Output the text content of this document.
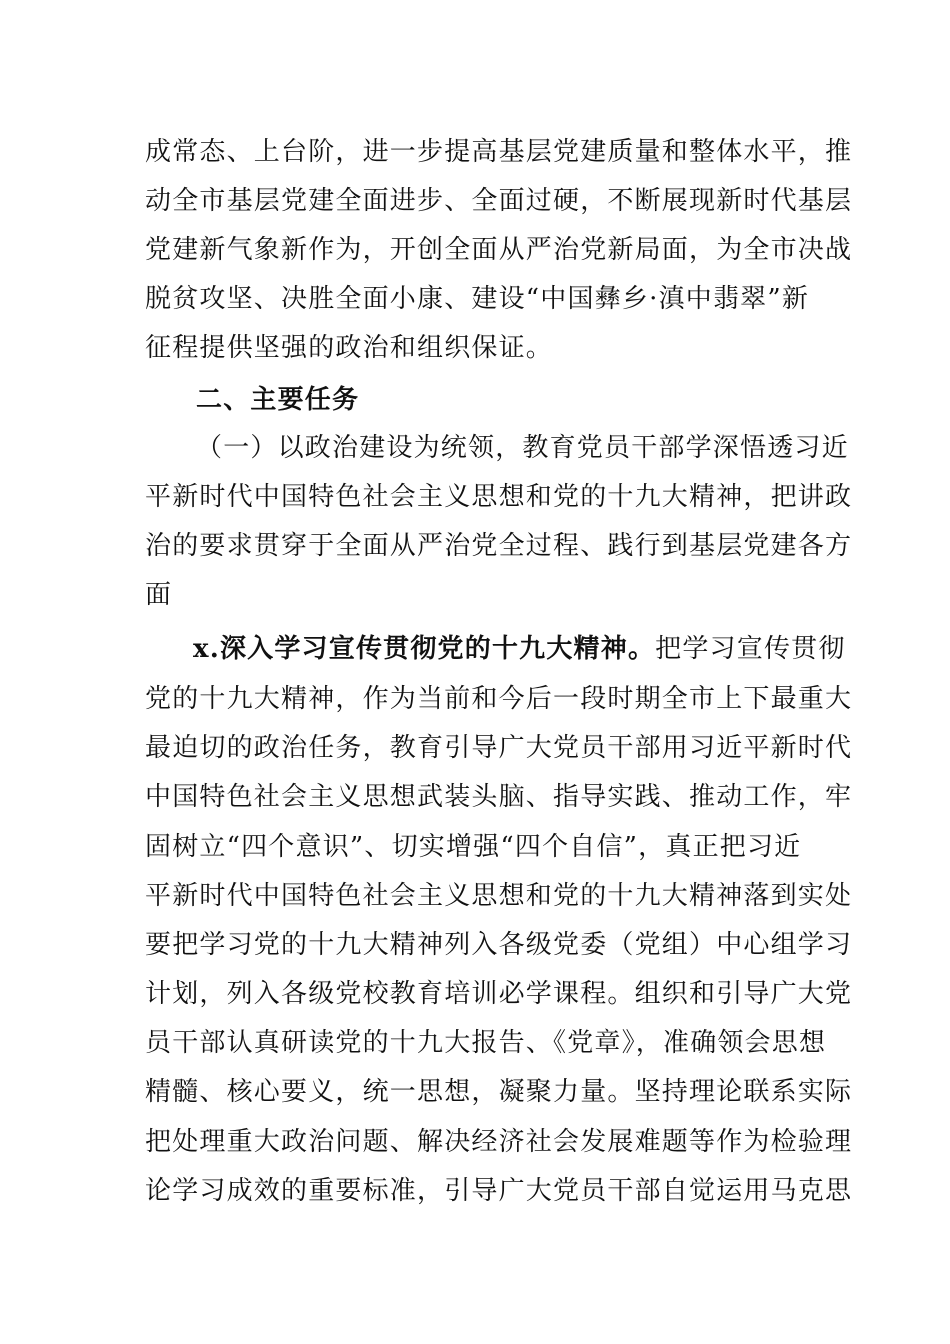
成常态、上台阶，进一步提高基层党建质量和整体水平，推
动全市基层党建全面进步、全面过硬，不断展现新时代基层
党建新气象新作为，开创全面从严治党新局面，为全市决战
脱贫攻坚、决胜全面小康、建设“中国彝乡·滇中翡翠”新
征程提供坚强的政治和组织保证。
二、主要任务
（一）以政治建设为统领，教育党员干部学深悟透习近
平新时代中国特色社会主义思想和党的十九大精神，把讲政
治的要求贯穿于全面从严治党全过程、践行到基层党建各方
面
x.深入学习宣传贯彻党的十九大精神。把学习宣传贯彻
党的十九大精神，作为当前和今后一段时期全市上下最重大
最迫切的政治任务，教育引导广大党员干部用习近平新时代
中国特色社会主义思想武装头脑、指导实践、推动工作，牢
固树立“四个意识”、切实增强“四个自信”，真正把习近
平新时代中国特色社会主义思想和党的十九大精神落到实处
要把学习党的十九大精神列入各级党委（党组）中心组学习
计划，列入各级党校教育培训必学课程。组织和引导广大党
员干部认真研读党的十九大报告、《党章》，准确领会思想
精髓、核心要义，统一思想，凝聚力量。坚持理论联系实际
把处理重大政治问题、解决经济社会发展难题等作为检验理
论学习成效的重要标准，引导广大党员干部自觉运用马克思
